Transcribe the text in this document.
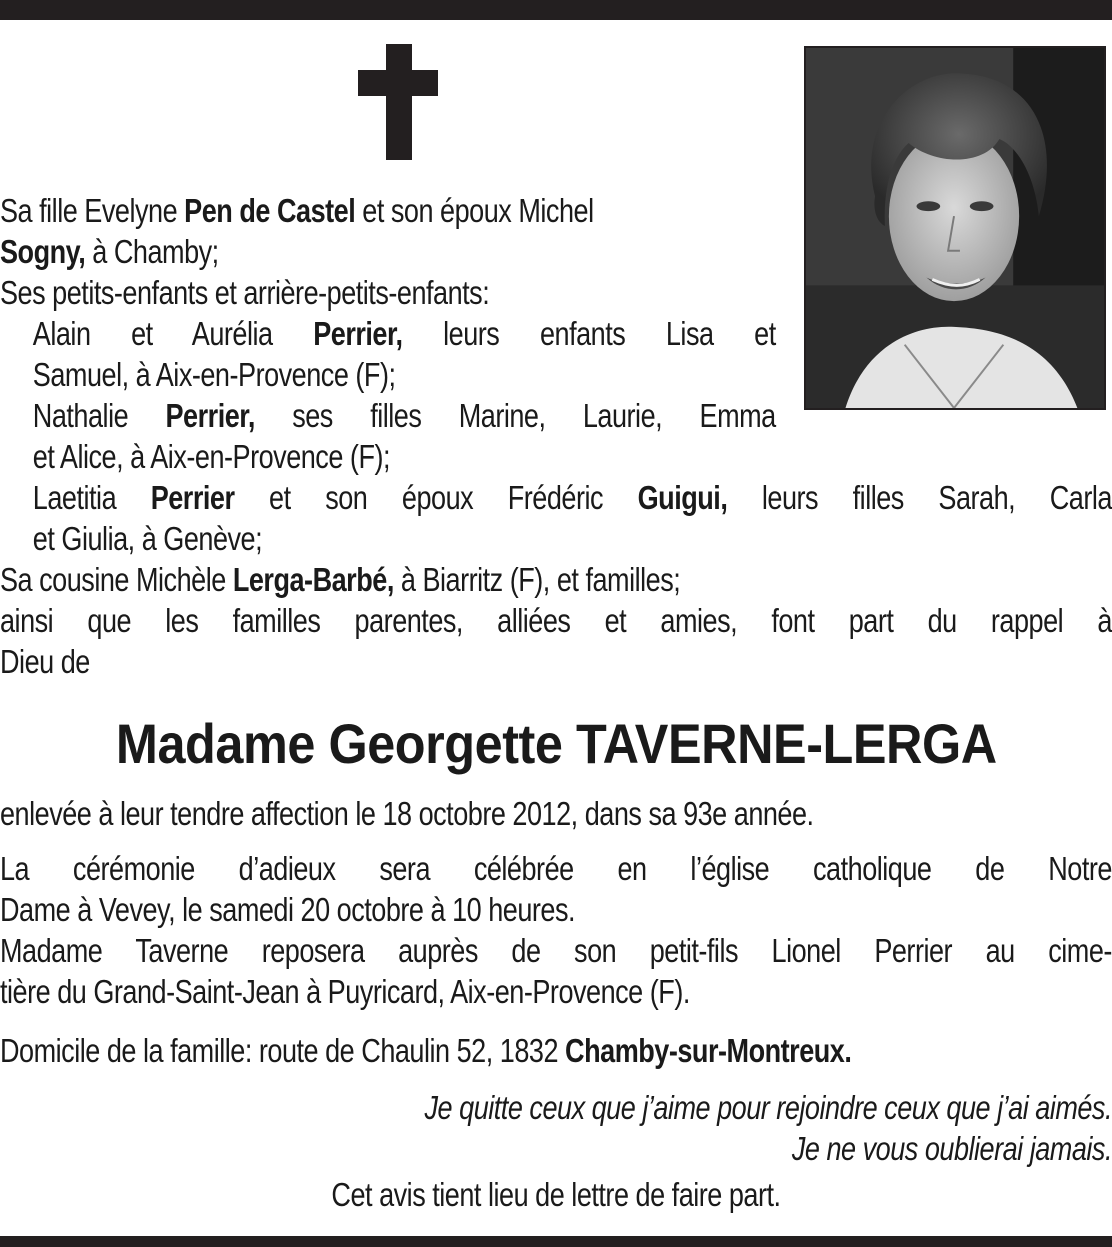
Sa fille Evelyne Pen de Castel et son époux Michel
Sogny, à Chamby;
Ses petits-enfants et arrière-petits-enfants:
Alain et Aurélia Perrier, leurs enfants Lisa et
Samuel, à Aix-en-Provence (F);
Nathalie Perrier, ses filles Marine, Laurie, Emma
et Alice, à Aix-en-Provence (F);
Laetitia Perrier et son époux Frédéric Guigui, leurs filles Sarah, Carla
et Giulia, à Genève;
Sa cousine Michèle Lerga-Barbé, à Biarritz (F), et familles;
ainsi que les familles parentes, alliées et amies, font part du rappel à
Dieu de
Madame Georgette TAVERNE-LERGA
enlevée à leur tendre affection le 18 octobre 2012, dans sa 93e année.
La cérémonie d’adieux sera célébrée en l’église catholique de Notre
Dame à Vevey, le samedi 20 octobre à 10 heures.
Madame Taverne reposera auprès de son petit-fils Lionel Perrier au cime-
tière du Grand-Saint-Jean à Puyricard, Aix-en-Provence (F).
Domicile de la famille: route de Chaulin 52, 1832 Chamby-sur-Montreux.
Je quitte ceux que j’aime pour rejoindre ceux que j’ai aimés.
Je ne vous oublierai jamais.
Cet avis tient lieu de lettre de faire part.
